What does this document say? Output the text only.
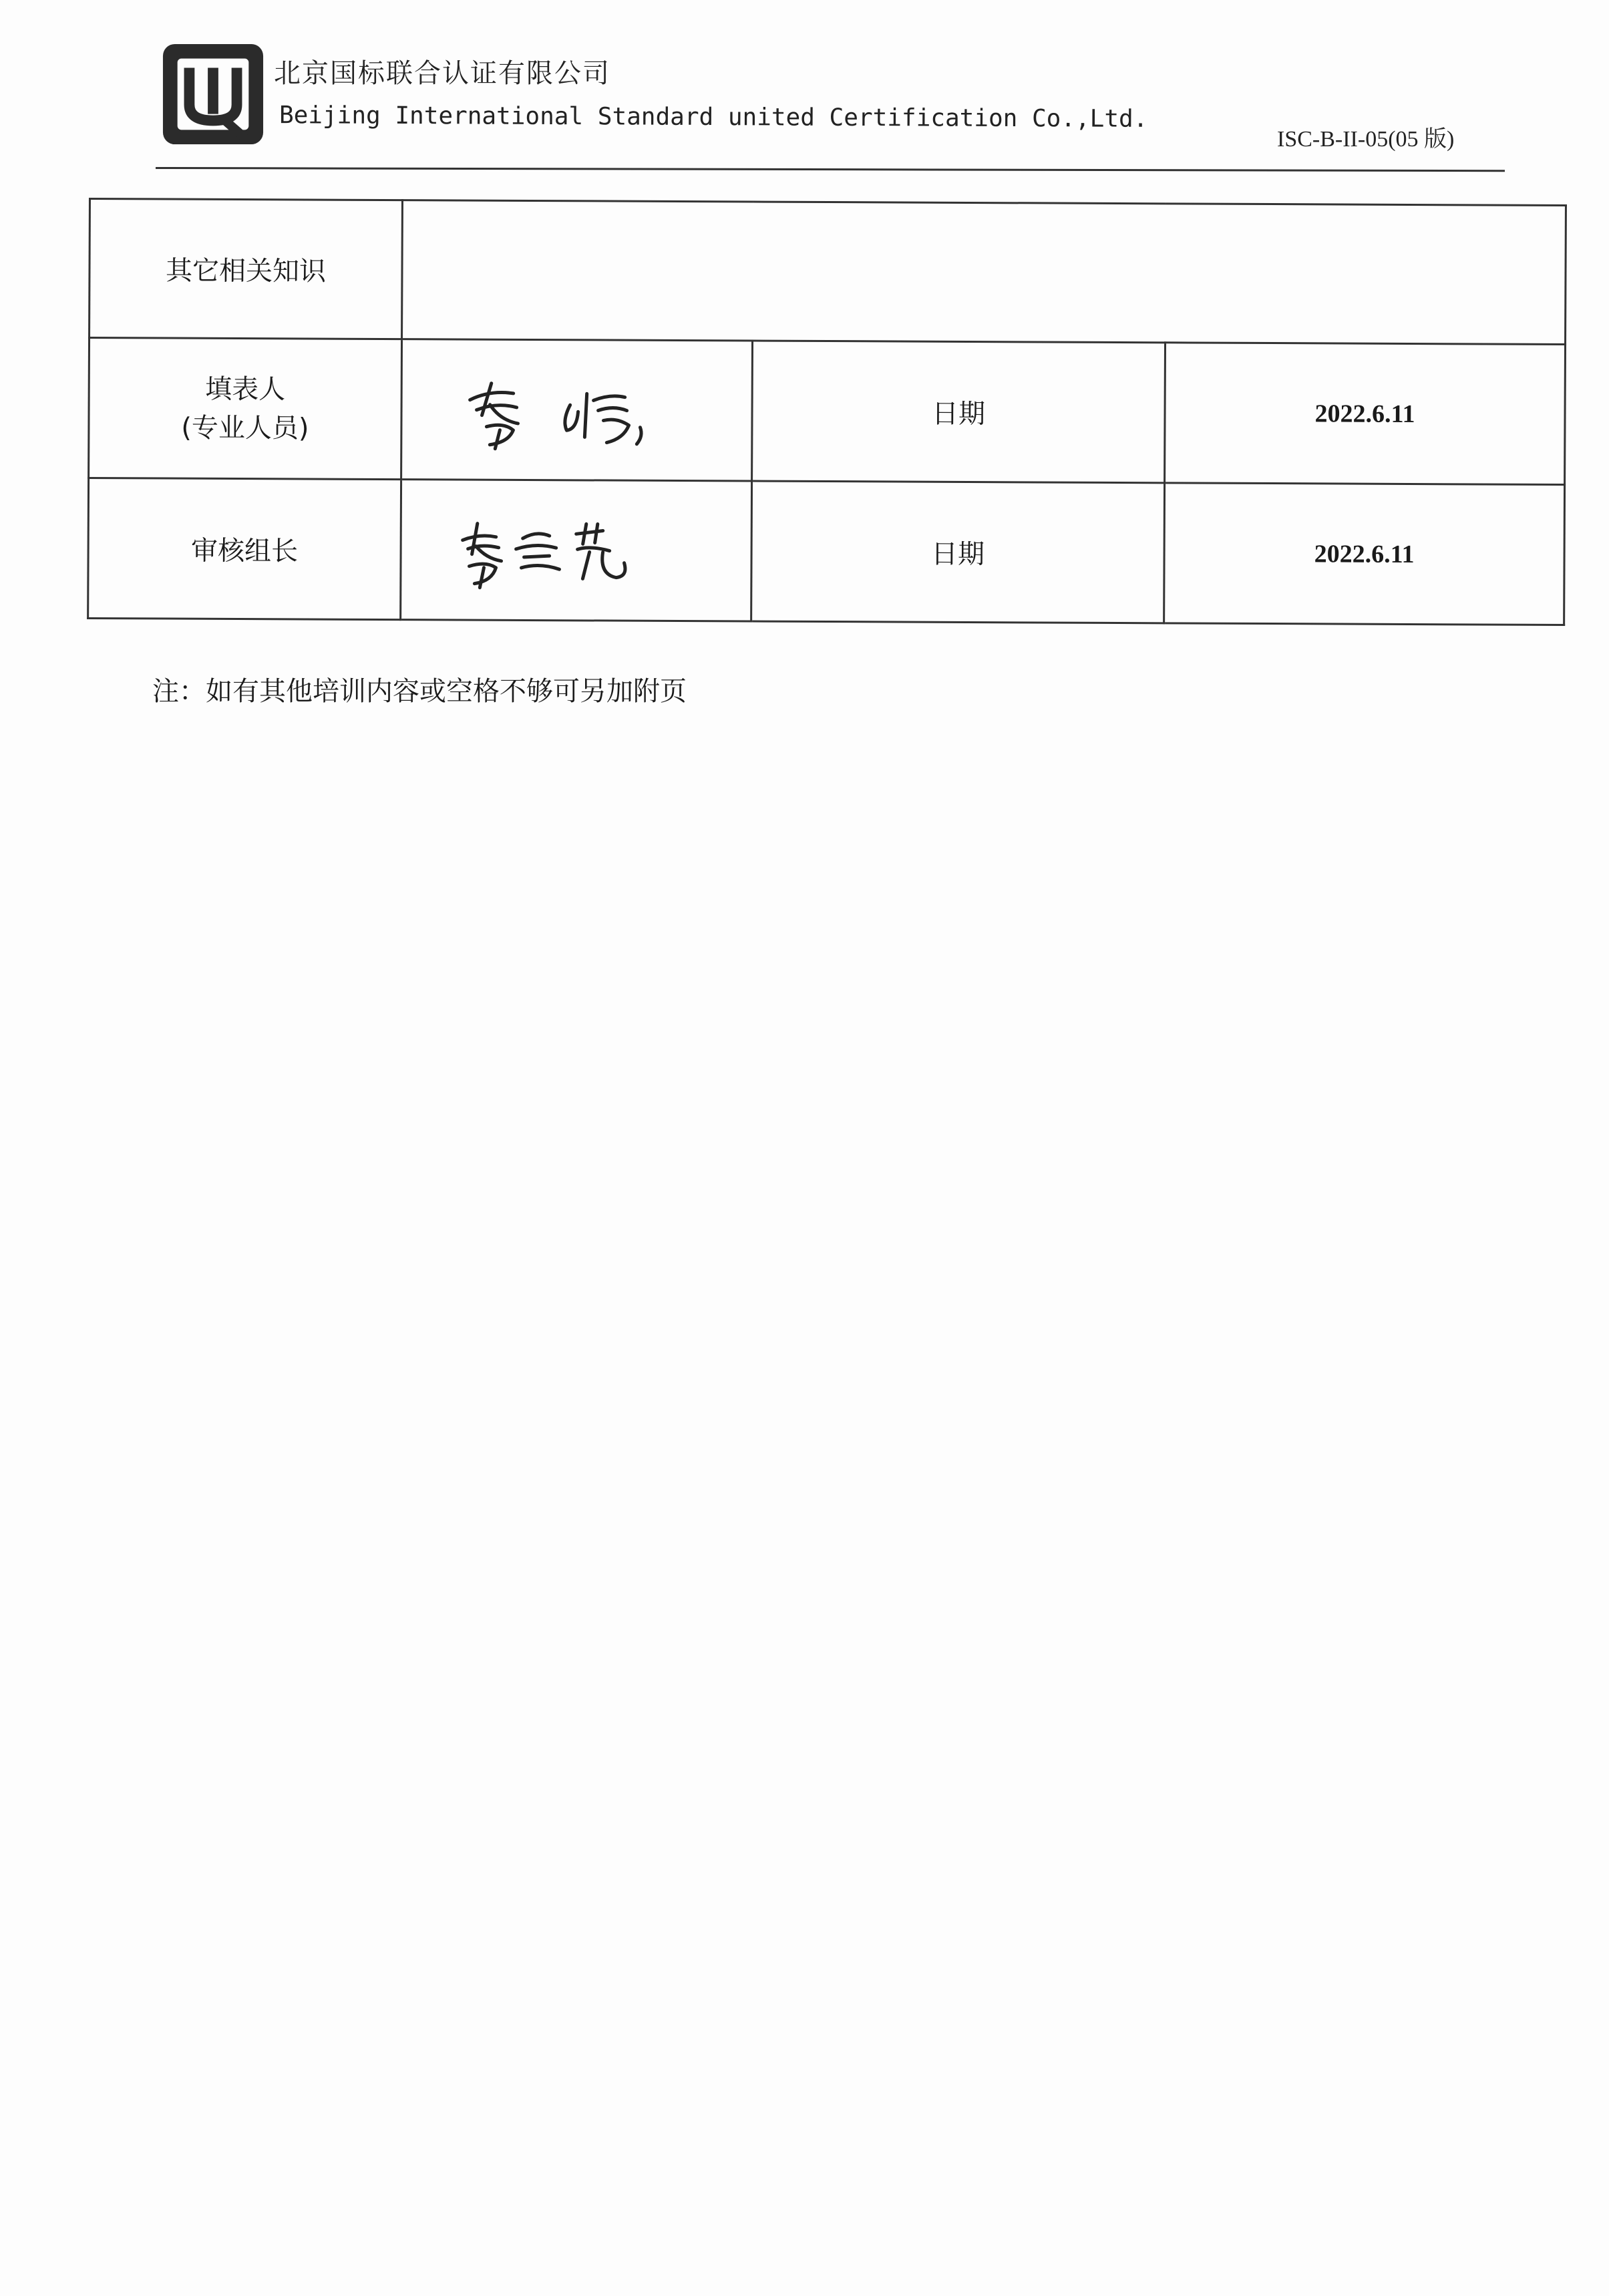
北京国标联合认证有限公司
Beijing International Standard united Certification Co.,Ltd.
ISC-B-II-05(05 版)
其它相关知识			

填表人
(专业人员)		日期	2022.6.11
审核组长		日期	2022.6.11
注：如有其他培训内容或空格不够可另加附页
